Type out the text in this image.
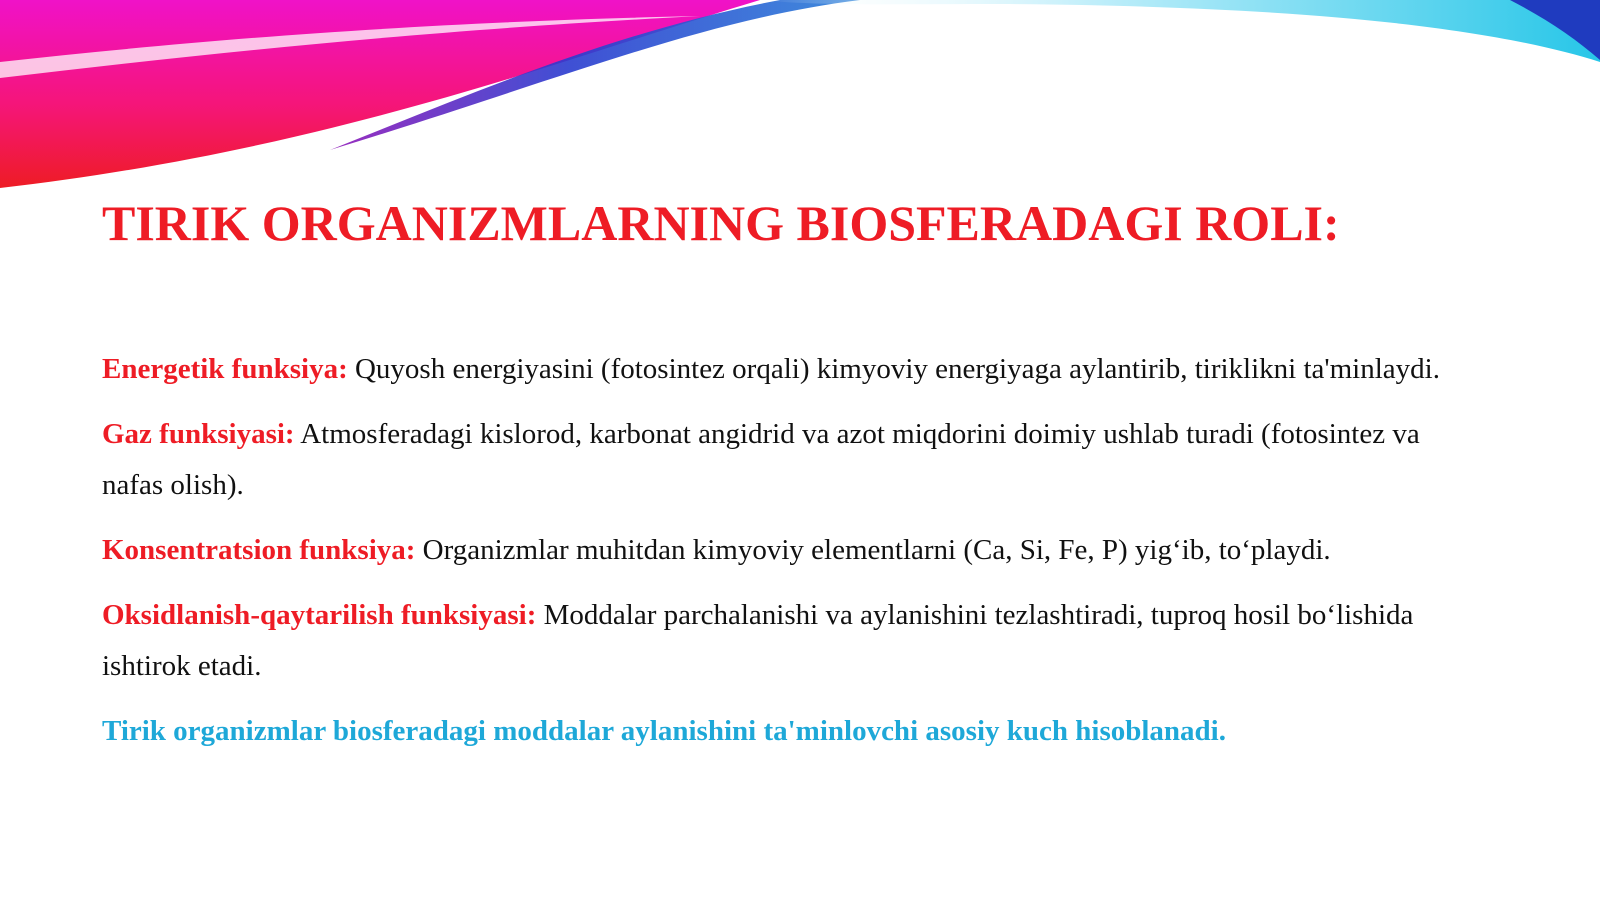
TIRIK ORGANIZMLARNING BIOSFERADAGI ROLI:

Energetik funksiya: Quyosh energiyasini (fotosintez orqali) kimyoviy energiyaga aylantirib, tiriklikni ta'minlaydi.

Gaz funksiyasi: Atmosferadagi kislorod, karbonat angidrid va azot miqdorini doimiy ushlab turadi (fotosintez va nafas olish).

Konsentratsion funksiya: Organizmlar muhitdan kimyoviy elementlarni (Ca, Si, Fe, P) yig‘ib, to‘playdi.

Oksidlanish-qaytarilish funksiyasi: Moddalar parchalanishi va aylanishini tezlashtiradi, tuproq hosil bo‘lishida ishtirok etadi.

Tirik organizmlar biosferadagi moddalar aylanishini ta'minlovchi asosiy kuch hisoblanadi.
